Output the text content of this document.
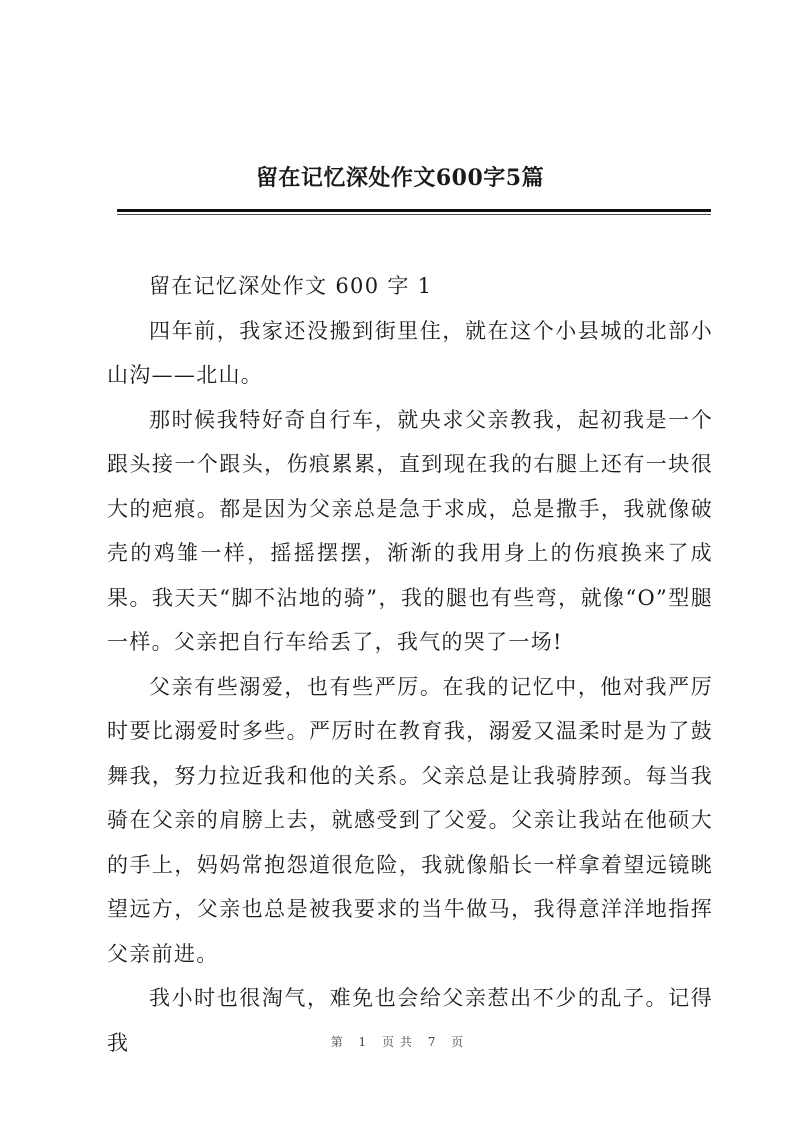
留在记忆深处作文600字5篇

留在记忆深处作文 600 字 1

四年前，我家还没搬到街里住，就在这个小县城的北部小山沟——北山。

那时候我特好奇自行车，就央求父亲教我，起初我是一个跟头接一个跟头，伤痕累累，直到现在我的右腿上还有一块很大的疤痕。都是因为父亲总是急于求成，总是撒手，我就像破壳的鸡雏一样，摇摇摆摆，渐渐的我用身上的伤痕换来了成果。我天天“脚不沾地的骑”，我的腿也有些弯，就像“O”型腿一样。父亲把自行车给丢了，我气的哭了一场!

父亲有些溺爱，也有些严厉。在我的记忆中，他对我严厉时要比溺爱时多些。严厉时在教育我，溺爱又温柔时是为了鼓舞我，努力拉近我和他的关系。父亲总是让我骑脖颈。每当我骑在父亲的肩膀上去，就感受到了父爱。父亲让我站在他硕大的手上，妈妈常抱怨道很危险，我就像船长一样拿着望远镜眺望远方，父亲也总是被我要求的当牛做马，我得意洋洋地指挥父亲前进。

我小时也很淘气，难免也会给父亲惹出不少的乱子。记得我	第 1 页共 7 页
